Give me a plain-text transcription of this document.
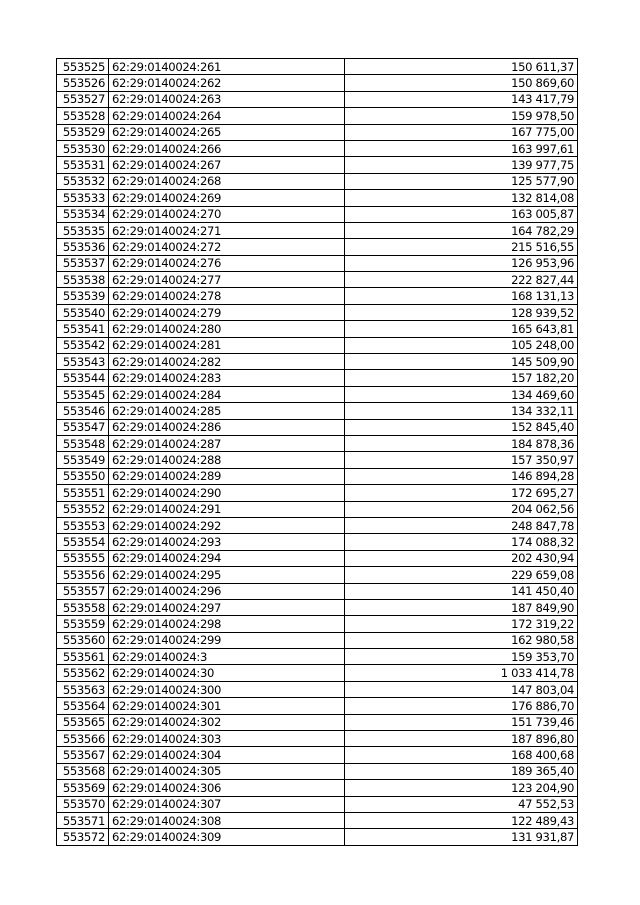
553525	62:29:0140024:261	150 611,37
553526	62:29:0140024:262	150 869,60
553527	62:29:0140024:263	143 417,79
553528	62:29:0140024:264	159 978,50
553529	62:29:0140024:265	167 775,00
553530	62:29:0140024:266	163 997,61
553531	62:29:0140024:267	139 977,75
553532	62:29:0140024:268	125 577,90
553533	62:29:0140024:269	132 814,08
553534	62:29:0140024:270	163 005,87
553535	62:29:0140024:271	164 782,29
553536	62:29:0140024:272	215 516,55
553537	62:29:0140024:276	126 953,96
553538	62:29:0140024:277	222 827,44
553539	62:29:0140024:278	168 131,13
553540	62:29:0140024:279	128 939,52
553541	62:29:0140024:280	165 643,81
553542	62:29:0140024:281	105 248,00
553543	62:29:0140024:282	145 509,90
553544	62:29:0140024:283	157 182,20
553545	62:29:0140024:284	134 469,60
553546	62:29:0140024:285	134 332,11
553547	62:29:0140024:286	152 845,40
553548	62:29:0140024:287	184 878,36
553549	62:29:0140024:288	157 350,97
553550	62:29:0140024:289	146 894,28
553551	62:29:0140024:290	172 695,27
553552	62:29:0140024:291	204 062,56
553553	62:29:0140024:292	248 847,78
553554	62:29:0140024:293	174 088,32
553555	62:29:0140024:294	202 430,94
553556	62:29:0140024:295	229 659,08
553557	62:29:0140024:296	141 450,40
553558	62:29:0140024:297	187 849,90
553559	62:29:0140024:298	172 319,22
553560	62:29:0140024:299	162 980,58
553561	62:29:0140024:3	159 353,70
553562	62:29:0140024:30	1 033 414,78
553563	62:29:0140024:300	147 803,04
553564	62:29:0140024:301	176 886,70
553565	62:29:0140024:302	151 739,46
553566	62:29:0140024:303	187 896,80
553567	62:29:0140024:304	168 400,68
553568	62:29:0140024:305	189 365,40
553569	62:29:0140024:306	123 204,90
553570	62:29:0140024:307	47 552,53
553571	62:29:0140024:308	122 489,43
553572	62:29:0140024:309	131 931,87
